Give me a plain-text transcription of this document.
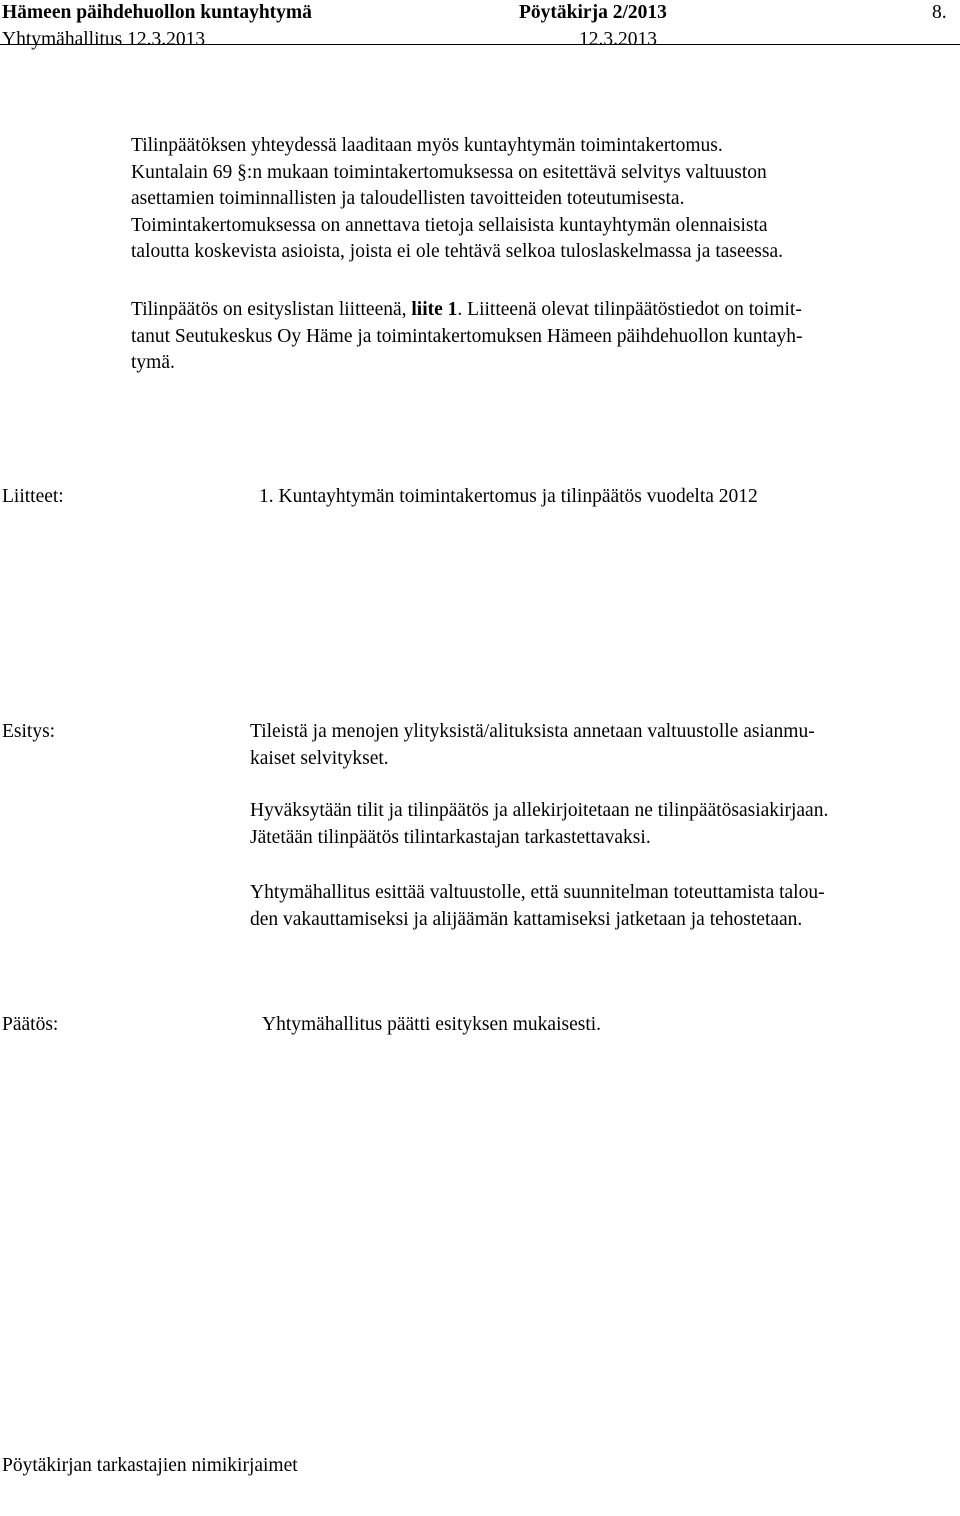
Hämeen päihdehuollon kuntayhtymä	Pöytäkirja 2/2013	8.
Yhtymähallitus 12.3.2013	12.3.2013
Tilinpäätöksen yhteydessä laaditaan myös kuntayhtymän toimintakertomus.
Kuntalain 69 §:n mukaan toimintakertomuksessa on esitettävä selvitys valtuuston
asettamien toiminnallisten ja taloudellisten tavoitteiden toteutumisesta.
Toimintakertomuksessa on annettava tietoja sellaisista kuntayhtymän olennaisista
taloutta koskevista asioista, joista ei ole tehtävä selkoa tuloslaskelmassa ja taseessa.
Tilinpäätös on esityslistan liitteenä, liite 1. Liitteenä olevat tilinpäätöstiedot on toimit-
tanut Seutukeskus Oy Häme ja toimintakertomuksen Hämeen päihdehuollon kuntayh-
tymä.
Liitteet:	1. Kuntayhtymän toimintakertomus ja tilinpäätös vuodelta 2012
Esitys:	Tileistä ja menojen ylityksistä/alituksista annetaan valtuustolle asianmu-
kaiset selvitykset.
Hyväksytään tilit ja tilinpäätös ja allekirjoitetaan ne tilinpäätösasiakirjaan.
Jätetään tilinpäätös tilintarkastajan tarkastettavaksi.
Yhtymähallitus esittää valtuustolle, että suunnitelman toteuttamista talou-
den vakauttamiseksi ja alijäämän kattamiseksi jatketaan ja tehostetaan.
Päätös:	Yhtymähallitus päätti esityksen mukaisesti.
Pöytäkirjan tarkastajien nimikirjaimet
